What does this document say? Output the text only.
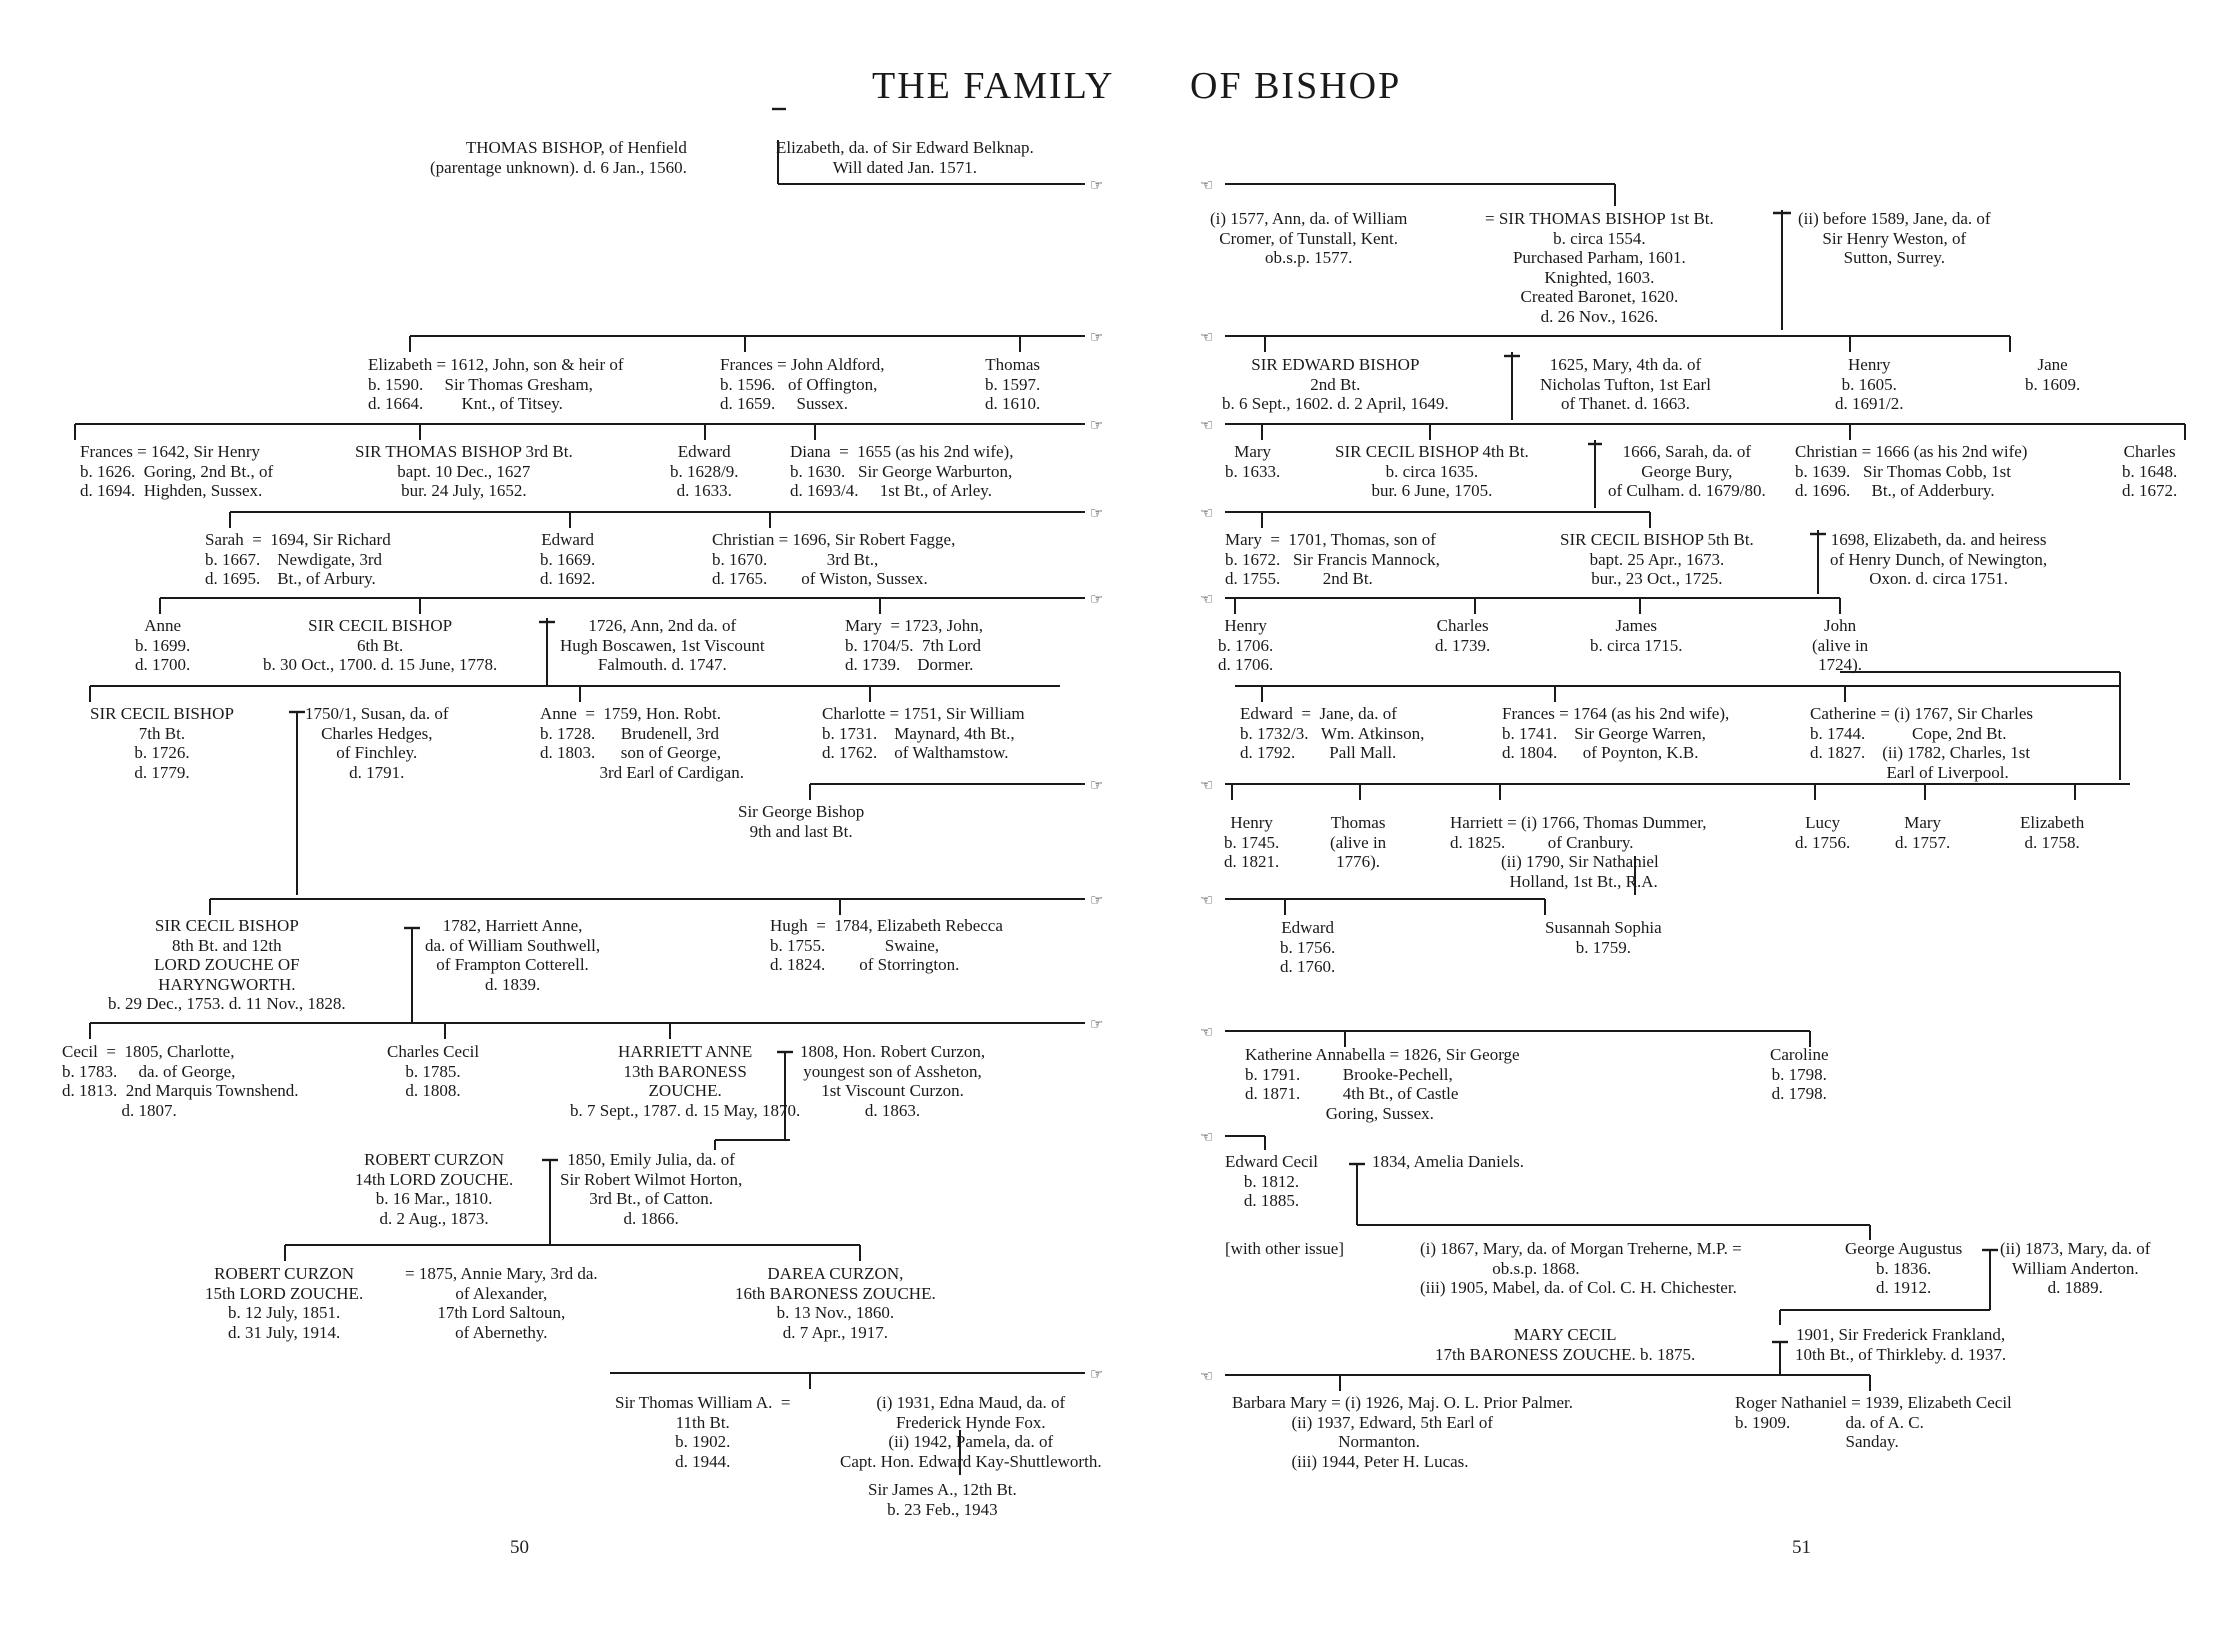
THE FAMILY OF BISHOP
☞	☜
☞	☜
☞	☜
☞	☜
☞	☜
☞	☜
☞	☜
☞	☜
☜
☞	☜
THOMAS BISHOP, of Henfield
(parentage unknown). d. 6 Jan., 1560.
Elizabeth, da. of Sir Edward Belknap.
Will dated Jan. 1571.
(i) 1577, Ann, da. of William
Cromer, of Tunstall, Kent.
ob.s.p. 1577.
= SIR THOMAS BISHOP 1st Bt.
b. circa 1554.
Purchased Parham, 1601.
Knighted, 1603.
Created Baronet, 1620.
d. 26 Nov., 1626.
(ii) before 1589, Jane, da. of
Sir Henry Weston, of
Sutton, Surrey.
Elizabeth = 1612, John, son & heir of
b. 1590.     Sir Thomas Gresham,
d. 1664.         Knt., of Titsey.
Frances = John Aldford,
b. 1596.   of Offington,
d. 1659.     Sussex.
Thomas
b. 1597.
d. 1610.
SIR EDWARD BISHOP
2nd Bt.
b. 6 Sept., 1602. d. 2 April, 1649.
1625, Mary, 4th da. of
Nicholas Tufton, 1st Earl
of Thanet. d. 1663.
Henry
b. 1605.
d. 1691/2.
Jane
b. 1609.
Frances = 1642, Sir Henry
b. 1626.  Goring, 2nd Bt., of
d. 1694.  Highden, Sussex.
SIR THOMAS BISHOP 3rd Bt.
bapt. 10 Dec., 1627
bur. 24 July, 1652.
Edward
b. 1628/9.
d. 1633.
Diana  =  1655 (as his 2nd wife),
b. 1630.   Sir George Warburton,
d. 1693/4.     1st Bt., of Arley.
Mary
b. 1633.
SIR CECIL BISHOP 4th Bt.
b. circa 1635.
bur. 6 June, 1705.
1666, Sarah, da. of
George Bury,
of Culham. d. 1679/80.
Christian = 1666 (as his 2nd wife)
b. 1639.   Sir Thomas Cobb, 1st
d. 1696.     Bt., of Adderbury.
Charles
b. 1648.
d. 1672.
Sarah  =  1694, Sir Richard
b. 1667.    Newdigate, 3rd
d. 1695.    Bt., of Arbury.
Edward
b. 1669.
d. 1692.
Christian = 1696, Sir Robert Fagge,
b. 1670.              3rd Bt.,
d. 1765.        of Wiston, Sussex.
Mary  =  1701, Thomas, son of
b. 1672.   Sir Francis Mannock,
d. 1755.          2nd Bt.
SIR CECIL BISHOP 5th Bt.
bapt. 25 Apr., 1673.
bur., 23 Oct., 1725.
1698, Elizabeth, da. and heiress
of Henry Dunch, of Newington,
Oxon. d. circa 1751.
Anne
b. 1699.
d. 1700.
SIR CECIL BISHOP
6th Bt.
b. 30 Oct., 1700. d. 15 June, 1778.
1726, Ann, 2nd da. of
Hugh Boscawen, 1st Viscount
Falmouth. d. 1747.
Mary  = 1723, John,
b. 1704/5.  7th Lord
d. 1739.    Dormer.
Henry
b. 1706.
d. 1706.
Charles
d. 1739.
James
b. circa 1715.
John
(alive in
1724).
SIR CECIL BISHOP
7th Bt.
b. 1726.
d. 1779.
1750/1, Susan, da. of
Charles Hedges,
of Finchley.
d. 1791.
Anne  =  1759, Hon. Robt.
b. 1728.      Brudenell, 3rd
d. 1803.      son of George,
3rd Earl of Cardigan.
Charlotte = 1751, Sir William
b. 1731.    Maynard, 4th Bt.,
d. 1762.    of Walthamstow.
Edward  =  Jane, da. of
b. 1732/3.   Wm. Atkinson,
d. 1792.        Pall Mall.
Frances = 1764 (as his 2nd wife),
b. 1741.    Sir George Warren,
d. 1804.      of Poynton, K.B.
Catherine = (i) 1767, Sir Charles
b. 1744.           Cope, 2nd Bt.
d. 1827.    (ii) 1782, Charles, 1st
Earl of Liverpool.
Sir George Bishop
9th and last Bt.	Henry
b. 1745.
d. 1821.
Thomas
(alive in
1776).
Harriett = (i) 1766, Thomas Dummer,
d. 1825.          of Cranbury.
(ii) 1790, Sir Nathaniel
Holland, 1st Bt., R.A.
Lucy
d. 1756.
Mary
d. 1757.
Elizabeth
d. 1758.
SIR CECIL BISHOP
8th Bt. and 12th
LORD ZOUCHE OF
HARYNGWORTH.
b. 29 Dec., 1753. d. 11 Nov., 1828.
1782, Harriett Anne,
da. of William Southwell,
of Frampton Cotterell.
d. 1839.
Hugh  =  1784, Elizabeth Rebecca
b. 1755.              Swaine,
d. 1824.        of Storrington.
Edward
b. 1756.
d. 1760.
Susannah Sophia
b. 1759.
Cecil  =  1805, Charlotte,
b. 1783.     da. of George,
d. 1813.  2nd Marquis Townshend.
d. 1807.
Charles Cecil
b. 1785.
d. 1808.
HARRIETT ANNE
13th BARONESS
ZOUCHE.
b. 7 Sept., 1787. d. 15 May, 1870.
1808, Hon. Robert Curzon,
youngest son of Assheton,
1st Viscount Curzon.
d. 1863.
Katherine Annabella = 1826, Sir George
b. 1791.          Brooke-Pechell,
d. 1871.          4th Bt., of Castle
Goring, Sussex.
Caroline
b. 1798.
d. 1798.
ROBERT CURZON
14th LORD ZOUCHE.
b. 16 Mar., 1810.
d. 2 Aug., 1873.
1850, Emily Julia, da. of
Sir Robert Wilmot Horton,
3rd Bt., of Catton.
d. 1866.
Edward Cecil
b. 1812.
d. 1885.
1834, Amelia Daniels.
[with other issue]	(i) 1867, Mary, da. of Morgan Treherne, M.P. =
ob.s.p. 1868.
(iii) 1905, Mabel, da. of Col. C. H. Chichester.
George Augustus
b. 1836.
d. 1912.
(ii) 1873, Mary, da. of
William Anderton.
d. 1889.
ROBERT CURZON
15th LORD ZOUCHE.
b. 12 July, 1851.
d. 31 July, 1914.
= 1875, Annie Mary, 3rd da.
of Alexander,
17th Lord Saltoun,
of Abernethy.
DAREA CURZON,
16th BARONESS ZOUCHE.
b. 13 Nov., 1860.
d. 7 Apr., 1917.	MARY CECIL
17th BARONESS ZOUCHE. b. 1875.
1901, Sir Frederick Frankland,
10th Bt., of Thirkleby. d. 1937.
Sir Thomas William A.  =
11th Bt.
b. 1902.
d. 1944.
(i) 1931, Edna Maud, da. of
Frederick Hynde Fox.
(ii) 1942, Pamela, da. of
Capt. Hon. Edward Kay-Shuttleworth.
Sir James A., 12th Bt.
b. 23 Feb., 1943
Barbara Mary = (i) 1926, Maj. O. L. Prior Palmer.
(ii) 1937, Edward, 5th Earl of
Normanton.
(iii) 1944, Peter H. Lucas.
Roger Nathaniel = 1939, Elizabeth Cecil
b. 1909.             da. of A. C.
Sanday.
50	51
